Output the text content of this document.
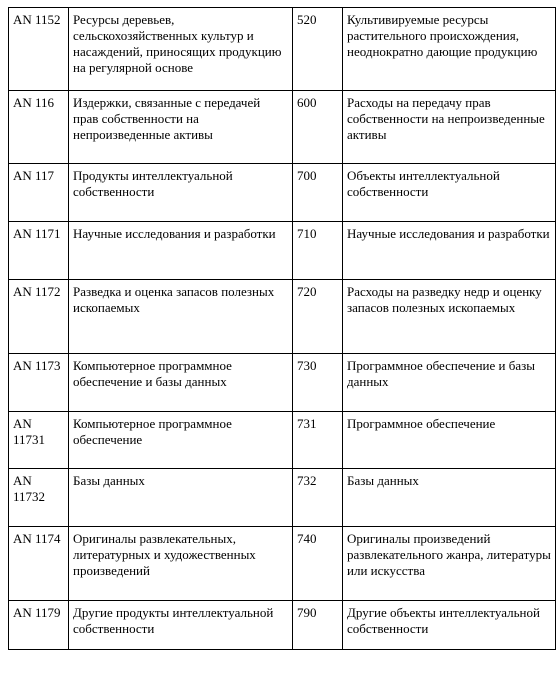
AN 1152	Ресурсы деревьев, сельскохозяйственных культур и насаждений, приносящих продукцию на регулярной основе	520	Культивируемые ресурсы растительного происхождения, неоднократно дающие продукцию
AN 116	Издержки, связанные с передачей прав собственности на непроизведенные активы	600	Расходы на передачу прав собственности на непроизведенные активы
AN 117	Продукты интеллектуальной собственности	700	Объекты интеллектуальной собственности
AN 1171	Научные исследования и разработки	710	Научные исследования и разработки
AN 1172	Разведка и оценка запасов полезных ископаемых	720	Расходы на разведку недр и оценку запасов полезных ископаемых
AN 1173	Компьютерное программное обеспечение и базы данных	730	Программное обеспечение и базы данных
AN 11731	Компьютерное программное обеспечение	731	Программное обеспечение
AN 11732	Базы данных	732	Базы данных
AN 1174	Оригиналы развлекательных, литературных и художественных произведений	740	Оригиналы произведений развлекательного жанра, литературы или искусства
AN 1179	Другие продукты интеллектуальной собственности	790	Другие объекты интеллектуальной собственности
